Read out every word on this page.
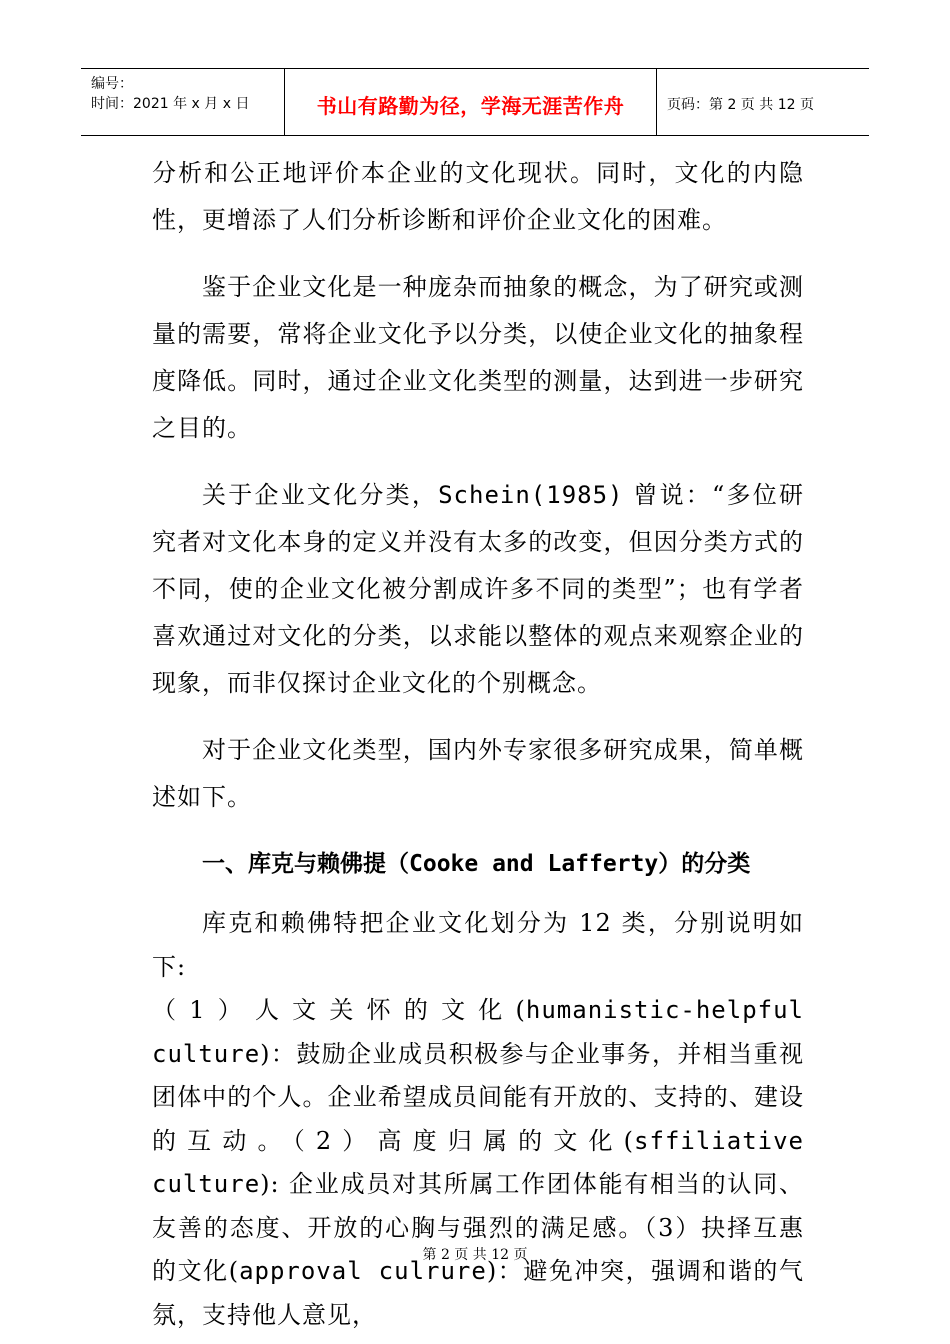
编号：
时间：2021 年 x 月 x 日	书山有路勤为径，学海无涯苦作舟	页码：第 2 页 共 12 页

分析和公正地评价本企业的文化现状。同时，文化的内隐性，更增添了人们分析诊断和评价企业文化的困难。

鉴于企业文化是一种庞杂而抽象的概念，为了研究或测量的需要，常将企业文化予以分类，以使企业文化的抽象程度降低。同时，通过企业文化类型的测量，达到进一步研究之目的。

关于企业文化分类，Schein(1985) 曾说：“多位研究者对文化本身的定义并没有太多的改变，但因分类方式的不同，使的企业文化被分割成许多不同的类型”；也有学者喜欢通过对文化的分类，以求能以整体的观点来观察企业的现象，而非仅探讨企业文化的个别概念。

对于企业文化类型，国内外专家很多研究成果，简单概述如下。

一、库克与赖佛提（Cooke and Lafferty）的分类
库克和赖佛特把企业文化划分为 12 类，分别说明如下:
（1）人文关怀的文化(humanistic-helpful culture)：鼓励企业成员积极参与企业事务，并相当重视团体中的个人。企业希望成员间能有开放的、支持的、建设的互动。（2）高度归属的文化(sffiliative culture): 企业成员对其所属工作团体能有相当的认同、友善的态度、开放的心胸与强烈的满足感。（3）抉择互惠的文化(approval culrure)：避免冲突，强调和谐的气氛，支持他人意见，
第 2 页 共 12 页
